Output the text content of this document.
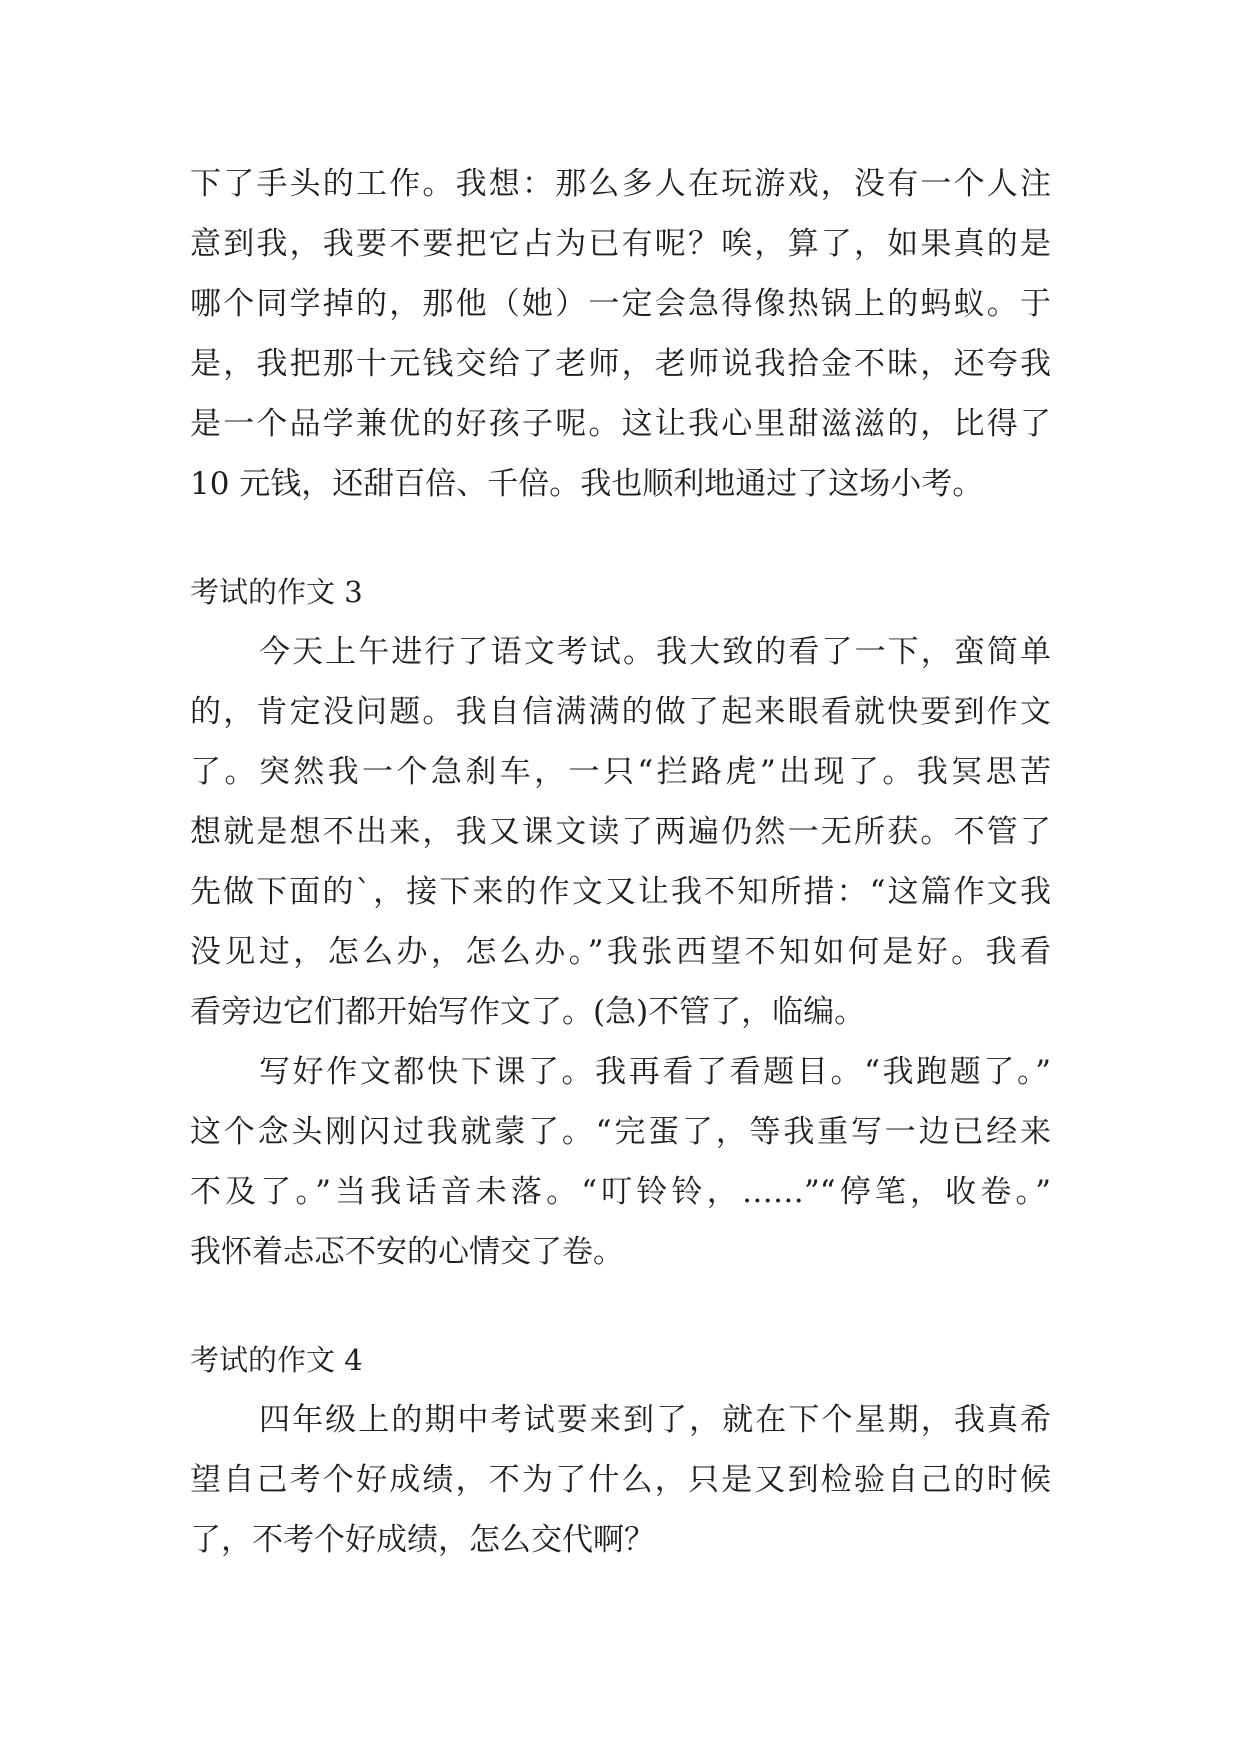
下了手头的工作。我想：那么多人在玩游戏，没有一个人注
意到我，我要不要把它占为已有呢？唉，算了，如果真的是
哪个同学掉的，那他（她）一定会急得像热锅上的蚂蚁。于
是，我把那十元钱交给了老师，老师说我拾金不昧，还夸我
是一个品学兼优的好孩子呢。这让我心里甜滋滋的，比得了
10 元钱，还甜百倍、千倍。我也顺利地通过了这场小考。
考试的作文 3
今天上午进行了语文考试。我大致的看了一下，蛮简单
的，肯定没问题。我自信满满的做了起来眼看就快要到作文
了。突然我一个急刹车，一只“拦路虎”出现了。我冥思苦
想就是想不出来，我又课文读了两遍仍然一无所获。不管了
先做下面的`，接下来的作文又让我不知所措：“这篇作文我
没见过，怎么办，怎么办。”我张西望不知如何是好。我看
看旁边它们都开始写作文了。(急)不管了，临编。
写好作文都快下课了。我再看了看题目。“我跑题了。”
这个念头刚闪过我就蒙了。“完蛋了，等我重写一边已经来
不及了。”当我话音未落。“叮铃铃，……”“停笔，收卷。”
我怀着忐忑不安的心情交了卷。
考试的作文 4
四年级上的期中考试要来到了，就在下个星期，我真希
望自己考个好成绩，不为了什么，只是又到检验自己的时候
了，不考个好成绩，怎么交代啊？
